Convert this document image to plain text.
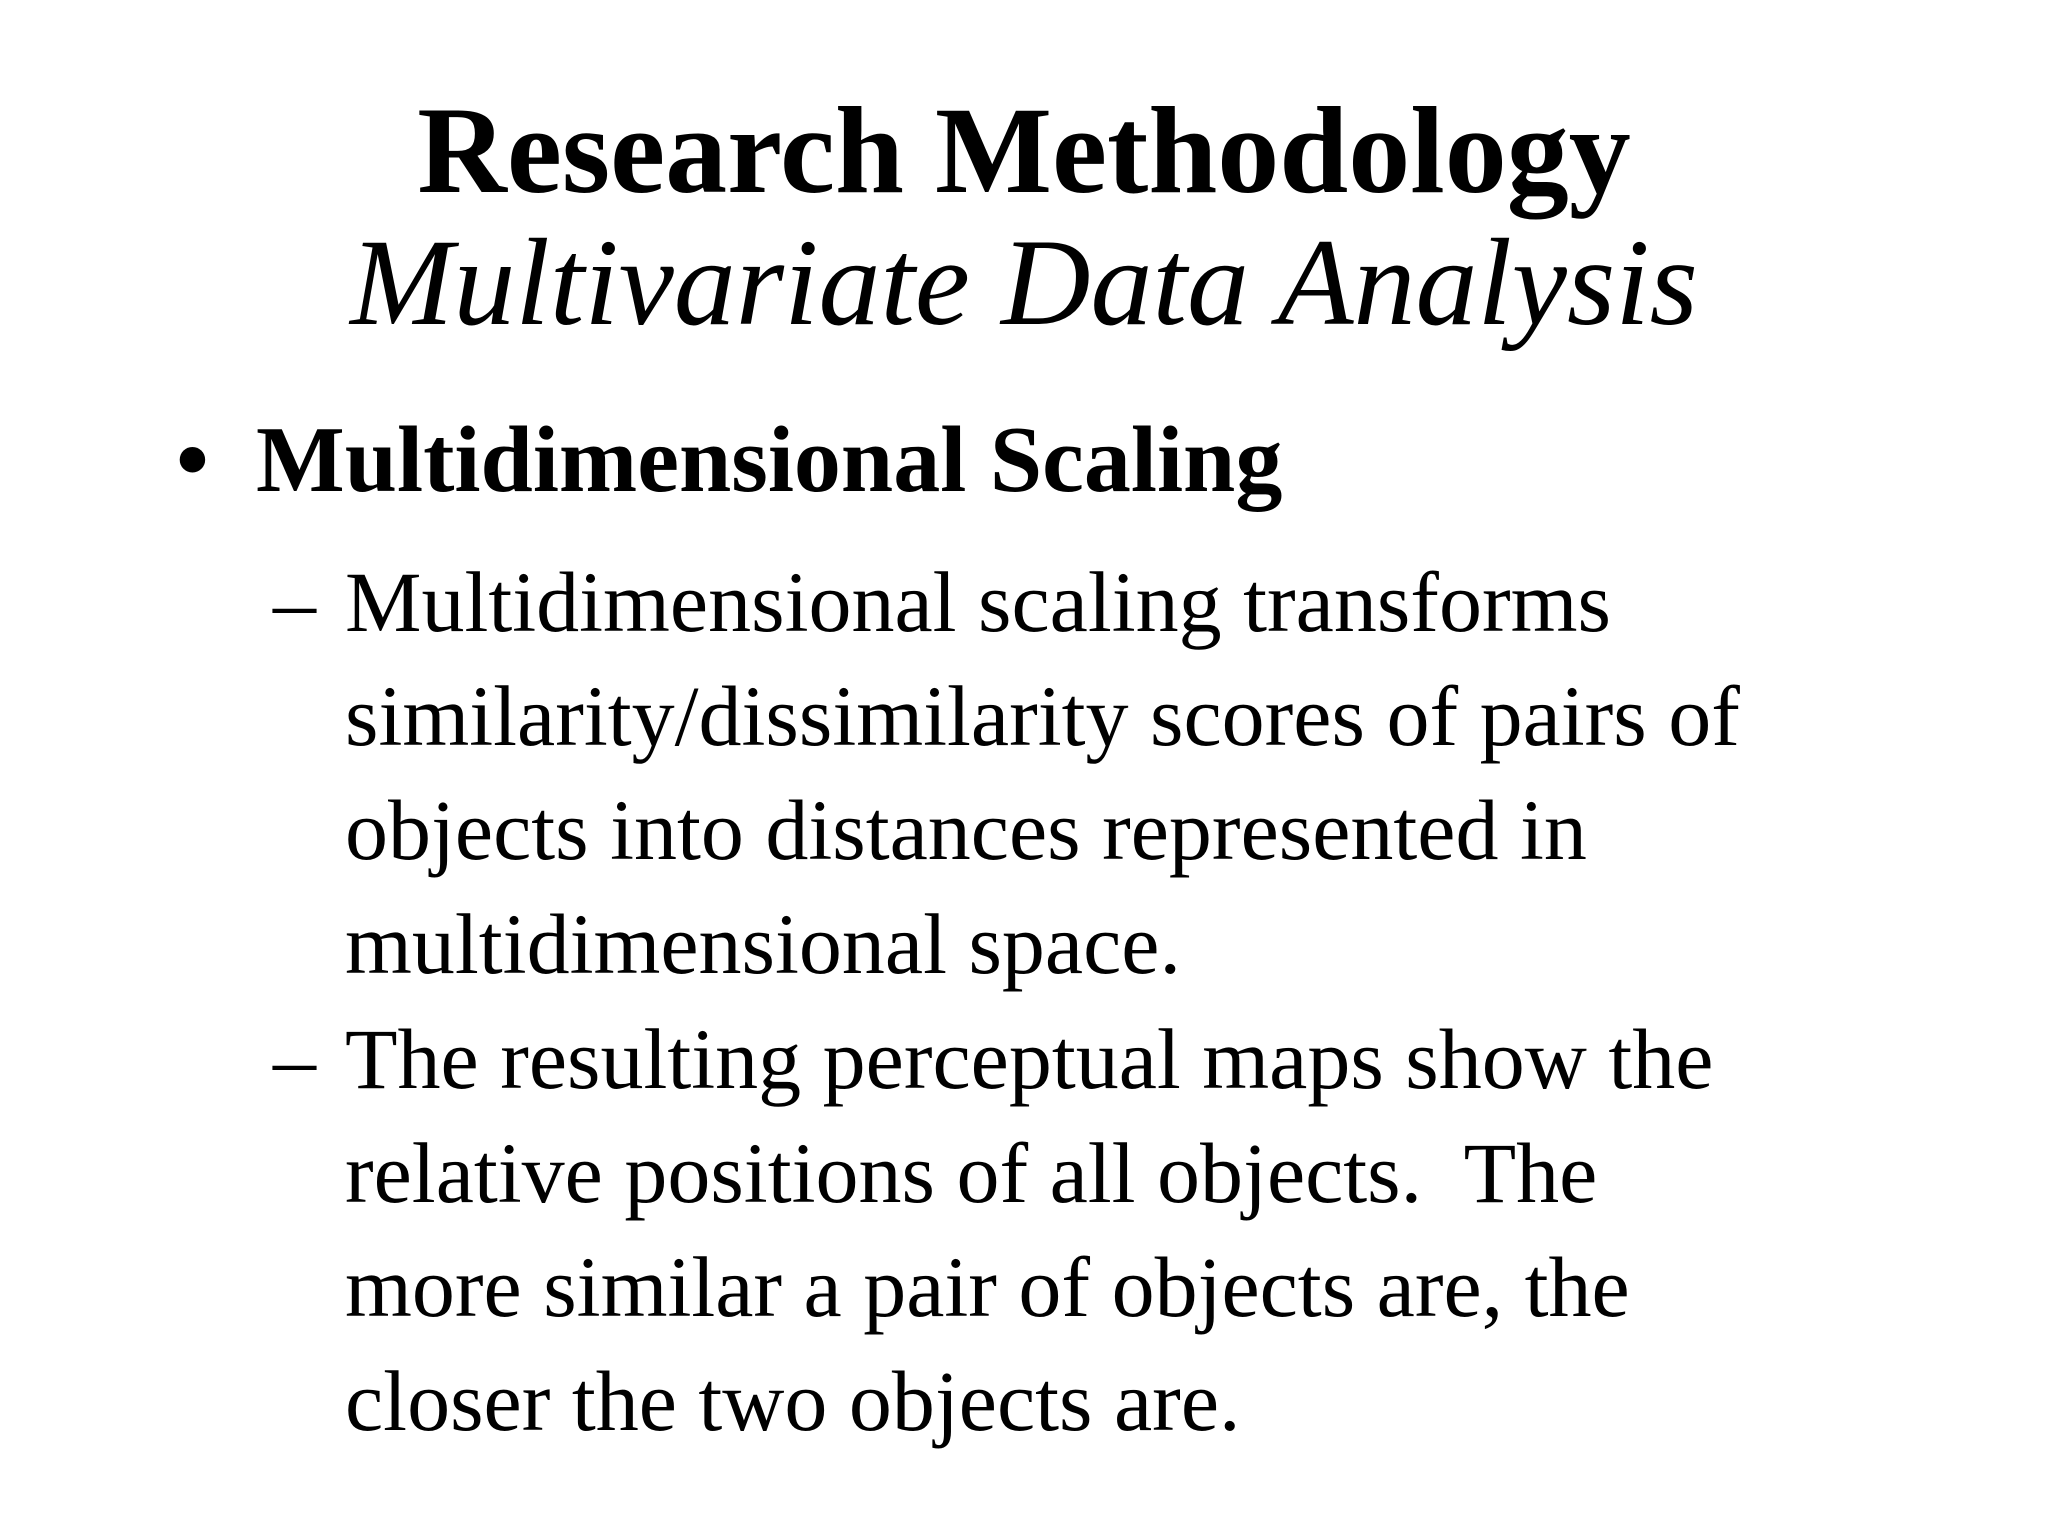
Research Methodology
Multivariate Data Analysis
• Multidimensional Scaling
– Multidimensional scaling transforms
similarity/dissimilarity scores of pairs of
objects into distances represented in
multidimensional space.
– The resulting perceptual maps show the
relative positions of all objects.  The
more similar a pair of objects are, the
closer the two objects are.
